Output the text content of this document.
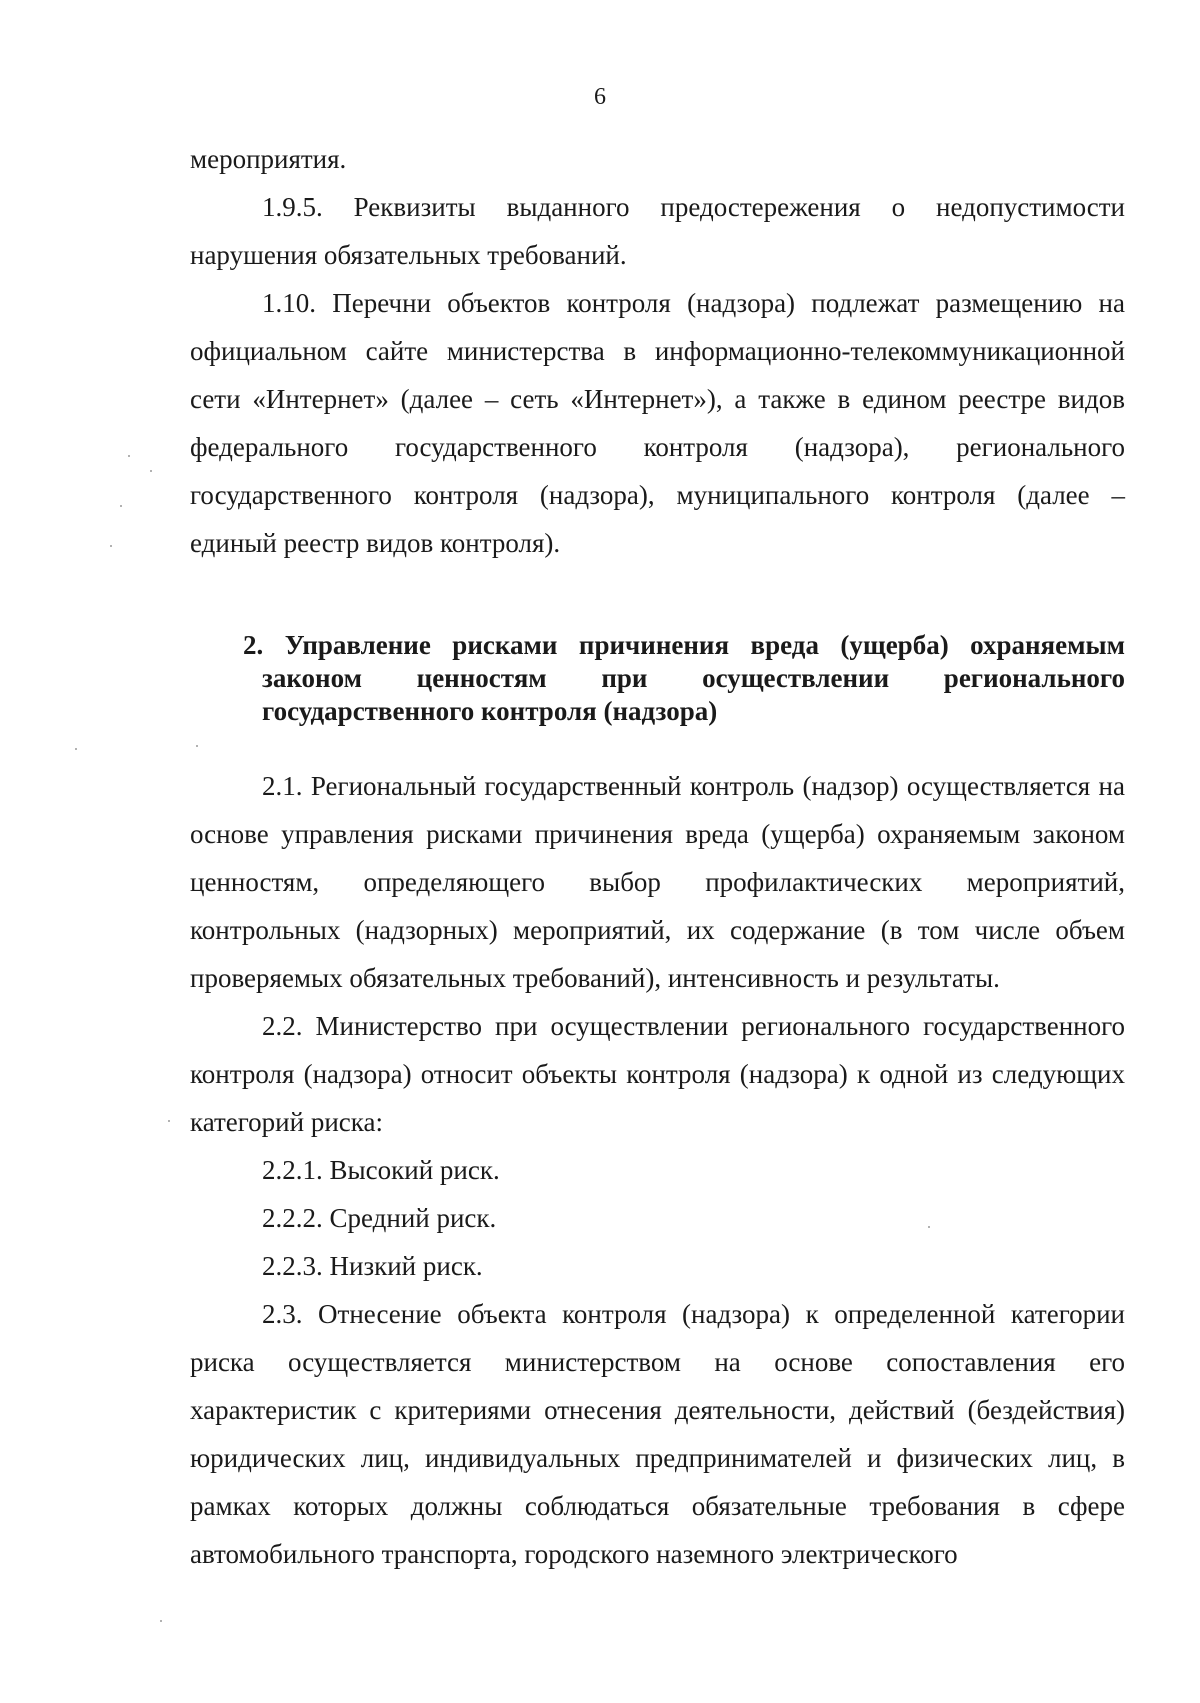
6

мероприятия.

1.9.5. Реквизиты выданного предостережения о недопустимости нарушения обязательных требований.

1.10. Перечни объектов контроля (надзора) подлежат размещению на официальном сайте министерства в информационно-телекоммуникационной сети «Интернет» (далее – сеть «Интернет»), а также в едином реестре видов федерального государственного контроля (надзора), регионального государственного контроля (надзора), муниципального контроля (далее – единый реестр видов контроля).

2. Управление рисками причинения вреда (ущерба) охраняемым законом ценностям при осуществлении регионального государственного контроля (надзора)

2.1. Региональный государственный контроль (надзор) осуществляется на основе управления рисками причинения вреда (ущерба) охраняемым законом ценностям, определяющего выбор профилактических мероприятий, контрольных (надзорных) мероприятий, их содержание (в том числе объем проверяемых обязательных требований), интенсивность и результаты.

2.2. Министерство при осуществлении регионального государственного контроля (надзора) относит объекты контроля (надзора) к одной из следующих категорий риска:

2.2.1. Высокий риск.

2.2.2. Средний риск.

2.2.3. Низкий риск.

2.3. Отнесение объекта контроля (надзора) к определенной категории риска осуществляется министерством на основе сопоставления его характеристик с критериями отнесения деятельности, действий (бездействия) юридических лиц, индивидуальных предпринимателей и физических лиц, в рамках которых должны соблюдаться обязательные требования в сфере автомобильного транспорта, городского наземного электрического
